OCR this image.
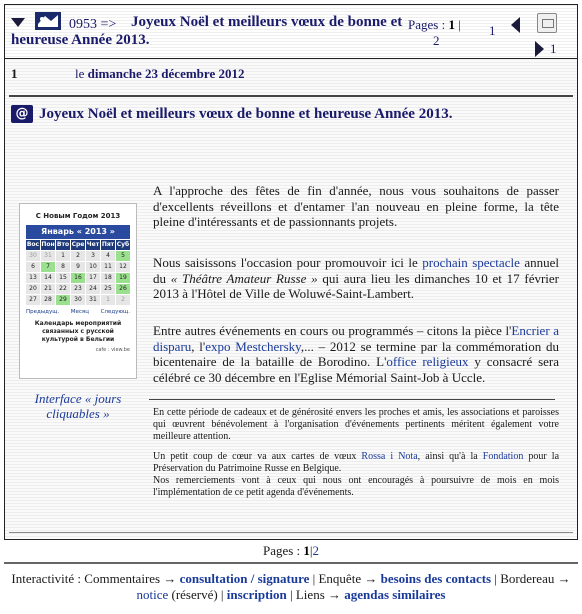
0953 => Joyeux Noël et meilleurs vœux de bonne et heureuse Année 2013.
Pages : 1 |
2
1
1
1	le dimanche 23 décembre 2012
@ Joyeux Noël et meilleurs vœux de bonne et heureuse Année 2013.
С Новым Годом 2013
Январь « 2013 »
Вос Пон Вто Сре Чет Пят Суб
30	31	1	2	3	4	5
6	7	8	9	10	11	12
13	14	15	16	17	18	19
20	21	22	23	24	25	26
27	28	29	30	31	1	2
Предыдущ. Месяц Следующ.
Календарь мероприятий связанных с русской культурой в Бельгии
cafe : view.be
Interface « jours cliquables »
A l'approche des fêtes de fin d'année, nous vous souhaitons de passer d'excellents réveillons et d'entamer l'an nouveau en pleine forme, la tête pleine d'intéressants et de passionnants projets.
Nous saisissons l'occasion pour promouvoir ici le prochain spectacle annuel du « Théâtre Amateur Russe » qui aura lieu les dimanches 10 et 17 février 2013 à l'Hôtel de Ville de Woluwé-Saint-Lambert.
Entre autres événements en cours ou programmés – citons la pièce l'Encrier a disparu, l'expo Mestchersky,... – 2012 se termine par la commémoration du bicentenaire de la bataille de Borodino. L'office religieux y consacré sera célébré ce 30 décembre en l'Eglise Mémorial Saint-Job à Uccle.
En cette période de cadeaux et de générosité envers les proches et amis, les associations et paroisses qui œuvrent bénévolement à l'organisation d'événements pertinents méritent également votre meilleure attention.
Un petit coup de cœur va aux cartes de vœux Rossa i Nota, ainsi qu'à la Fondation pour la Préservation du Patrimoine Russe en Belgique.
Nos remerciements vont à ceux qui nous ont encouragés à poursuivre de mois en mois l'implémentation de ce petit agenda d'événements.
Pages : 1|2
Interactivité : Commentaires → consultation / signature | Enquête → besoins des contacts | Bordereau →
notice (réservé) | inscription | Liens → agendas similaires
